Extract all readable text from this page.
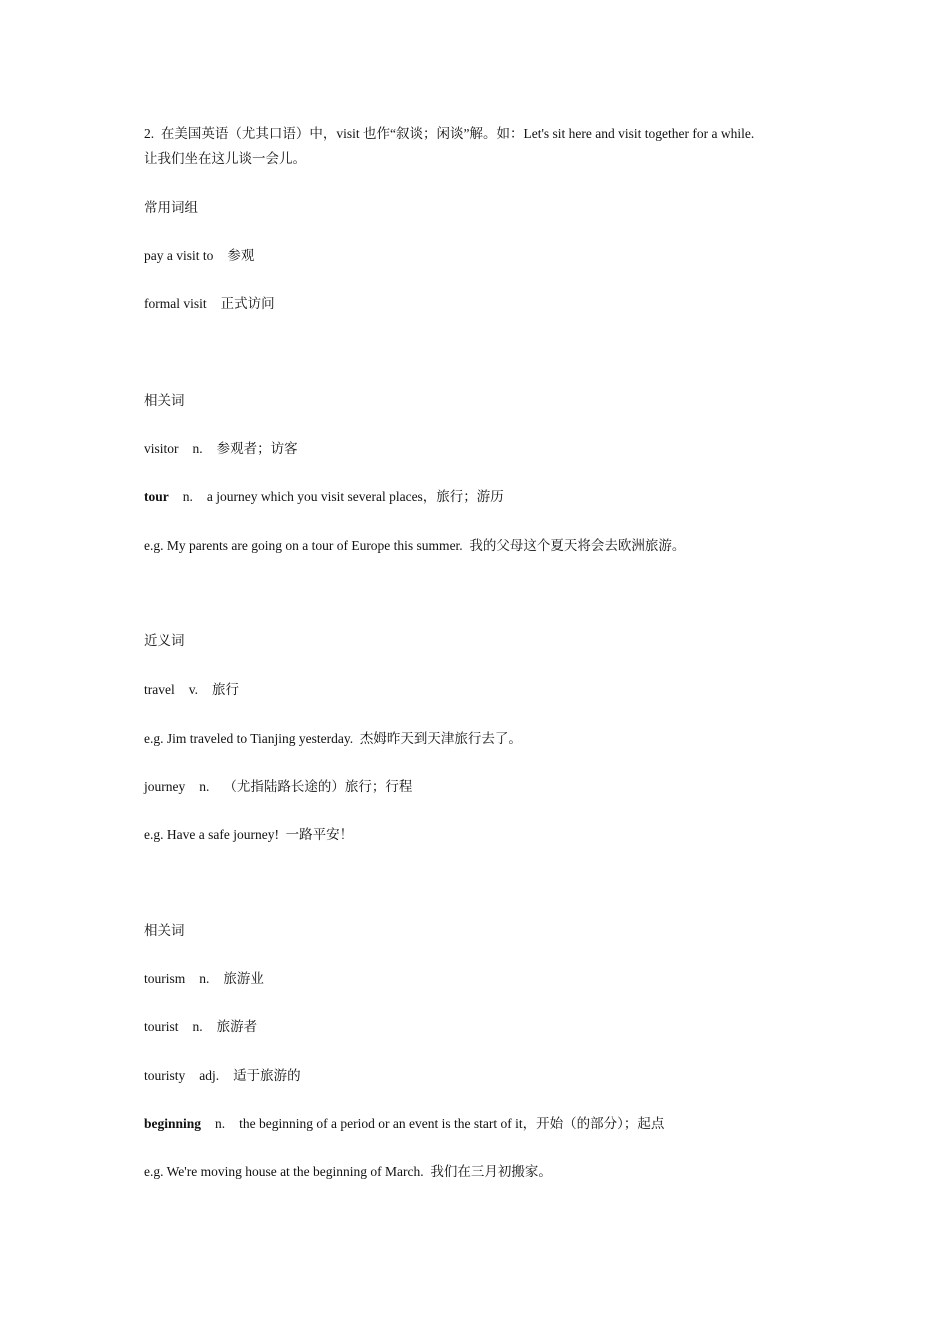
2.  在美国英语（尤其口语）中，visit 也作“叙谈；闲谈”解。如：Let's sit here and visit together for a while.
让我们坐在这儿谈一会儿。
常用词组
pay a visit to 参观
formal visit 正式访问
相关词
visitor n. 参观者；访客
tour n. a journey which you visit several places，旅行；游历
e.g. My parents are going on a tour of Europe this summer.  我的父母这个夏天将会去欧洲旅游。
近义词
travel v. 旅行
e.g. Jim traveled to Tianjing yesterday.  杰姆昨天到天津旅行去了。
journey n. （尤指陆路长途的）旅行；行程
e.g. Have a safe journey!  一路平安！
相关词
tourism n. 旅游业
tourist n. 旅游者
touristy adj. 适于旅游的
beginning n. the beginning of a period or an event is the start of it，开始（的部分）；起点
e.g. We're moving house at the beginning of March.  我们在三月初搬家。
